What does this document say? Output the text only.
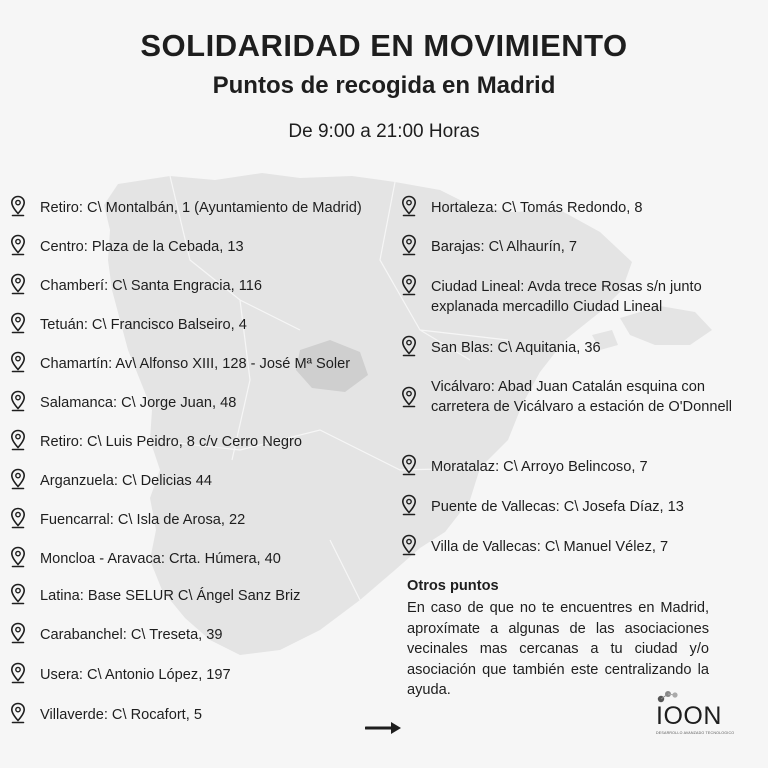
SOLIDARIDAD EN MOVIMIENTO
Puntos de recogida en Madrid
De 9:00 a 21:00 Horas
Retiro: C\ Montalbán, 1 (Ayuntamiento de Madrid)
Centro: Plaza de la Cebada, 13
Chamberí: C\ Santa Engracia, 116
Tetuán: C\ Francisco Balseiro, 4
Chamartín: Av\ Alfonso XIII, 128 - José Mª Soler
Salamanca: C\ Jorge Juan, 48
Retiro: C\ Luis Peidro, 8 c/v Cerro Negro
Arganzuela: C\ Delicias 44
Fuencarral: C\ Isla de Arosa, 22
Moncloa - Aravaca: Crta. Húmera, 40
Latina: Base SELUR C\ Ángel Sanz Briz
Carabanchel: C\ Treseta, 39
Usera: C\ Antonio López, 197
Villaverde: C\ Rocafort, 5
Hortaleza: C\ Tomás Redondo, 8
Barajas: C\ Alhaurín, 7
Ciudad Lineal: Avda trece Rosas s/n junto explanada mercadillo Ciudad Lineal
San Blas: C\ Aquitania, 36
Vicálvaro: Abad Juan Catalán esquina con carretera de Vicálvaro a estación de O'Donnell
Moratalaz: C\ Arroyo Belincoso, 7
Puente de Vallecas: C\ Josefa Díaz, 13
Villa de Vallecas: C\ Manuel Vélez, 7
Otros puntos
En caso de que no te encuentres en Madrid, aproxímate a algunas de las asociaciones vecinales mas cercanas a tu ciudad y/o asociación que también este centralizando la ayuda.
IOON
DESARROLLO AVANZADO TECNOLOGICO
